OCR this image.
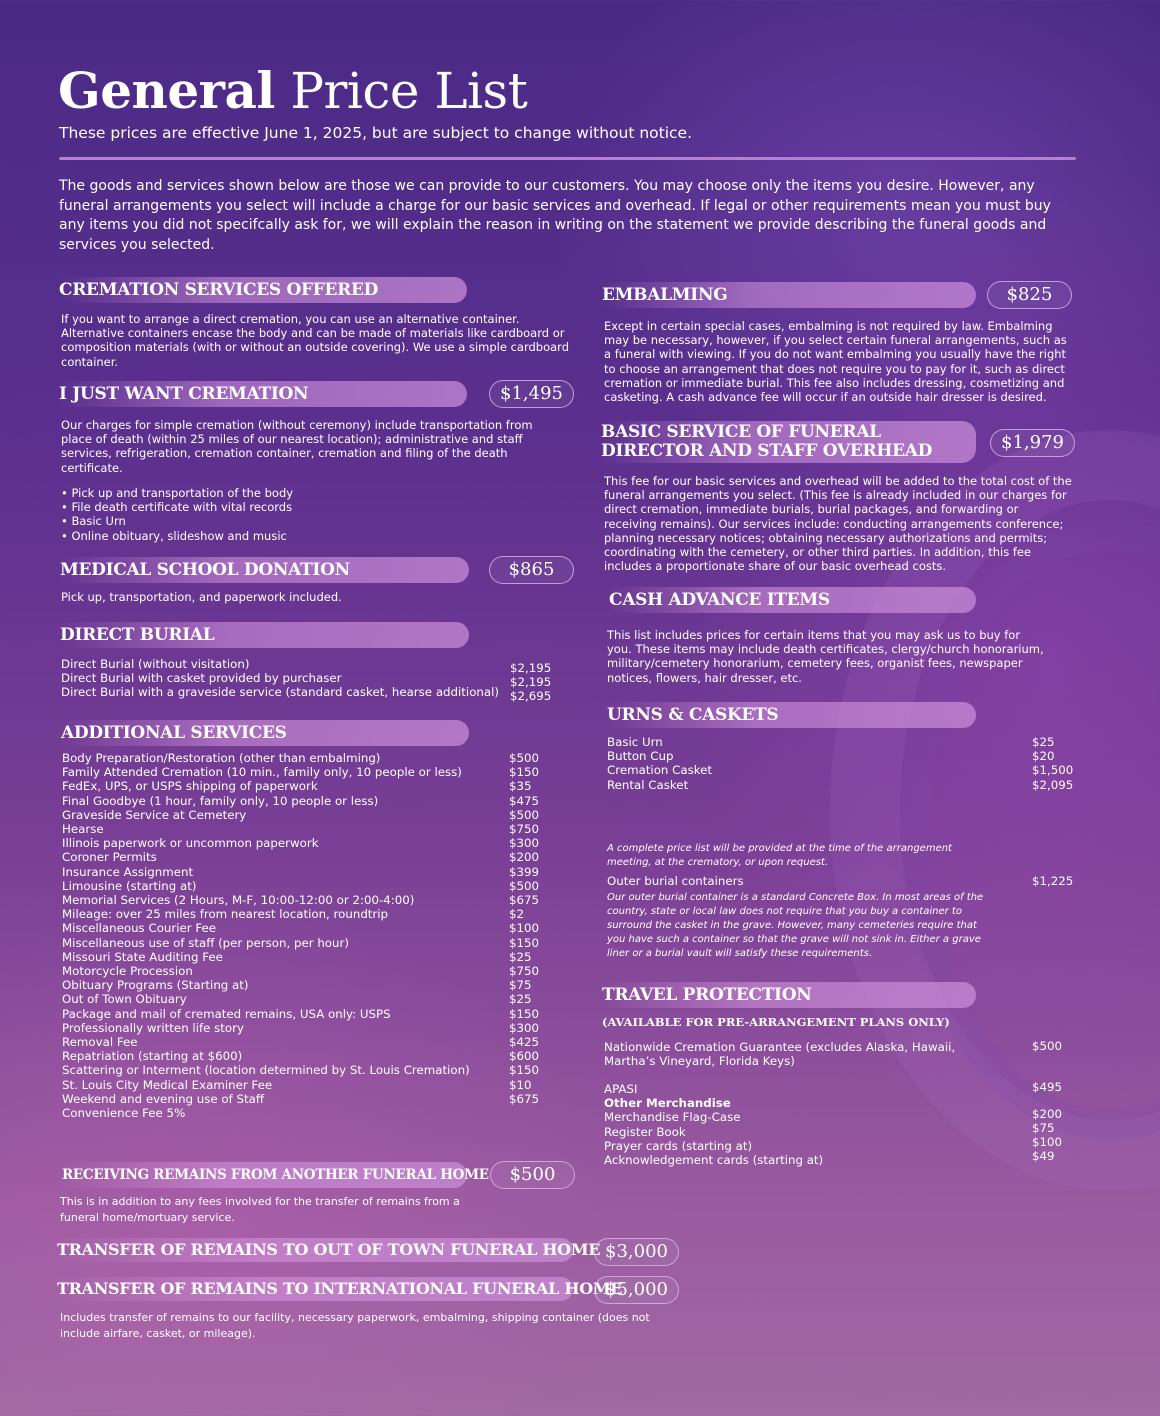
General Price List
These prices are effective June 1, 2025, but are subject to change without notice.
The goods and services shown below are those we can provide to our customers. You may choose only the items you desire. However, any funeral arrangements you select will include a charge for our basic services and overhead. If legal or other requirements mean you must buy any items you did not specifcally ask for, we will explain the reason in writing on the statement we provide describing the funeral goods and services you selected.
CREMATION SERVICES OFFERED
If you want to arrange a direct cremation, you can use an alternative container. Alternative containers encase the body and can be made of materials like cardboard or composition materials (with or without an outside covering). We use a simple cardboard container.
I JUST WANT CREMATION	$1,495
Our charges for simple cremation (without ceremony) include transportation from place of death (within 25 miles of our nearest location); administrative and staff services, refrigeration, cremation container, cremation and filing of the death certificate.
• Pick up and transportation of the body
• File death certificate with vital records
• Basic Urn
• Online obituary, slideshow and music
MEDICAL SCHOOL DONATION	$865
Pick up, transportation, and paperwork included.
DIRECT BURIAL
Direct Burial (without visitation)	$2,195
Direct Burial with casket provided by purchaser	$2,195
Direct Burial with a graveside service (standard casket, hearse additional) $2,695
ADDITIONAL SERVICES
Body Preparation/Restoration (other than embalming)	$500
Family Attended Cremation (10 min., family only, 10 people or less)	$150
FedEx, UPS, or USPS shipping of paperwork	$35
Final Goodbye (1 hour, family only, 10 people or less)	$475
Graveside Service at Cemetery	$500
Hearse	$750
Illinois paperwork or uncommon paperwork	$300
Coroner Permits	$200
Insurance Assignment	$399
Limousine (starting at)	$500
Memorial Services (2 Hours, M-F, 10:00-12:00 or 2:00-4:00)	$675
Mileage: over 25 miles from nearest location, roundtrip	$2
Miscellaneous Courier Fee	$100
Miscellaneous use of staff (per person, per hour)	$150
Missouri State Auditing Fee	$25
Motorcycle Procession	$750
Obituary Programs (Starting at)	$75
Out of Town Obituary	$25
Package and mail of cremated remains, USA only: USPS	$150
Professionally written life story	$300
Removal Fee	$425
Repatriation (starting at $600)	$600
Scattering or Interment (location determined by St. Louis Cremation)	$150
St. Louis City Medical Examiner Fee	$10
Weekend and evening use of Staff	$675
Convenience Fee 5%
RECEIVING REMAINS FROM ANOTHER FUNERAL HOME	$500
This is in addition to any fees involved for the transfer of remains from a funeral home/mortuary service.
TRANSFER OF REMAINS TO OUT OF TOWN FUNERAL HOME $3,000
TRANSFER OF REMAINS TO INTERNATIONAL FUNERAL HOME
$5,000
Includes transfer of remains to our facility, necessary paperwork, embalming, shipping container (does not include airfare, casket, or mileage).
EMBALMING	$825
Except in certain special cases, embalming is not required by law. Embalming may be necessary, however, if you select certain funeral arrangements, such as a funeral with viewing. If you do not want embalming you usually have the right to choose an arrangement that does not require you to pay for it, such as direct cremation or immediate burial. This fee also includes dressing, cosmetizing and casketing. A cash advance fee will occur if an outside hair dresser is desired.
BASIC SERVICE OF FUNERAL DIRECTOR AND STAFF OVERHEAD	$1,979
This fee for our basic services and overhead will be added to the total cost of the funeral arrangements you select. (This fee is already included in our charges for direct cremation, immediate burials, burial packages, and forwarding or receiving remains). Our services include: conducting arrangements conference; planning necessary notices; obtaining necessary authorizations and permits; coordinating with the cemetery, or other third parties. In addition, this fee includes a proportionate share of our basic overhead costs.
CASH ADVANCE ITEMS
This list includes prices for certain items that you may ask us to buy for you. These items may include death certificates, clergy/church honorarium, military/cemetery honorarium, cemetery fees, organist fees, newspaper notices, flowers, hair dresser, etc.
URNS & CASKETS
Basic Urn	$25
Button Cup	$20
Cremation Casket	$1,500
Rental Casket	$2,095
A complete price list will be provided at the time of the arrangement meeting, at the crematory, or upon request.
Outer burial containers	$1,225
Our outer burial container is a standard Concrete Box. In most areas of the country, state or local law does not require that you buy a container to surround the casket in the grave. However, many cemeteries require that you have such a container so that the grave will not sink in. Either a grave liner or a burial vault will satisfy these requirements.
TRAVEL PROTECTION
(AVAILABLE FOR PRE-ARRANGEMENT PLANS ONLY)
Nationwide Cremation Guarantee (excludes Alaska, Hawaii, Martha’s Vineyard, Florida Keys)
$500
APASI	$495
Other Merchandise
Merchandise Flag-Case	$200
Register Book	$75
Prayer cards (starting at)	$100
Acknowledgement cards (starting at)	$49
